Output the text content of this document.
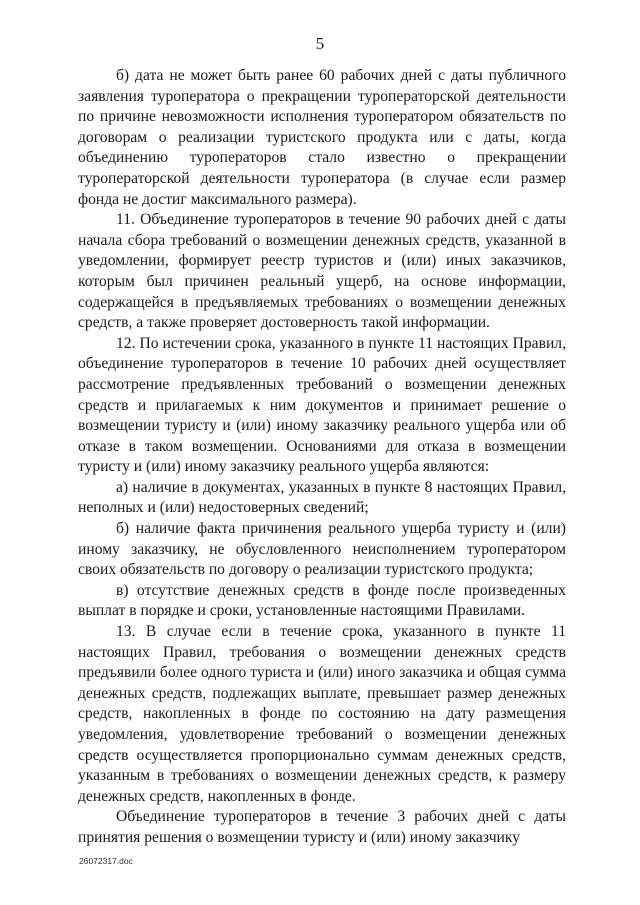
5

б) дата не может быть ранее 60 рабочих дней с даты публичного заявления туроператора о прекращении туроператорской деятельности по причине невозможности исполнения туроператором обязательств по договорам о реализации туристского продукта или с даты, когда объединению туроператоров стало известно о прекращении туроператорской деятельности туроператора (в случае если размер фонда не достиг максимального размера).

11. Объединение туроператоров в течение 90 рабочих дней с даты начала сбора требований о возмещении денежных средств, указанной в уведомлении, формирует реестр туристов и (или) иных заказчиков, которым был причинен реальный ущерб, на основе информации, содержащейся в предъявляемых требованиях о возмещении денежных средств, а также проверяет достоверность такой информации.

12. По истечении срока, указанного в пункте 11 настоящих Правил, объединение туроператоров в течение 10 рабочих дней осуществляет рассмотрение предъявленных требований о возмещении денежных средств и прилагаемых к ним документов и принимает решение о возмещении туристу и (или) иному заказчику реального ущерба или об отказе в таком возмещении. Основаниями для отказа в возмещении туристу и (или) иному заказчику реального ущерба являются:

а) наличие в документах, указанных в пункте 8 настоящих Правил, неполных и (или) недостоверных сведений;

б) наличие факта причинения реального ущерба туристу и (или) иному заказчику, не обусловленного неисполнением туроператором своих обязательств по договору о реализации туристского продукта;

в) отсутствие денежных средств в фонде после произведенных выплат в порядке и сроки, установленные настоящими Правилами.

13. В случае если в течение срока, указанного в пункте 11 настоящих Правил, требования о возмещении денежных средств предъявили более одного туриста и (или) иного заказчика и общая сумма денежных средств, подлежащих выплате, превышает размер денежных средств, накопленных в фонде по состоянию на дату размещения уведомления, удовлетворение требований о возмещении денежных средств осуществляется пропорционально суммам денежных средств, указанным в требованиях о возмещении денежных средств, к размеру денежных средств, накопленных в фонде.

Объединение туроператоров в течение 3 рабочих дней с даты принятия решения о возмещении туристу и (или) иному заказчику

26072317.doc
